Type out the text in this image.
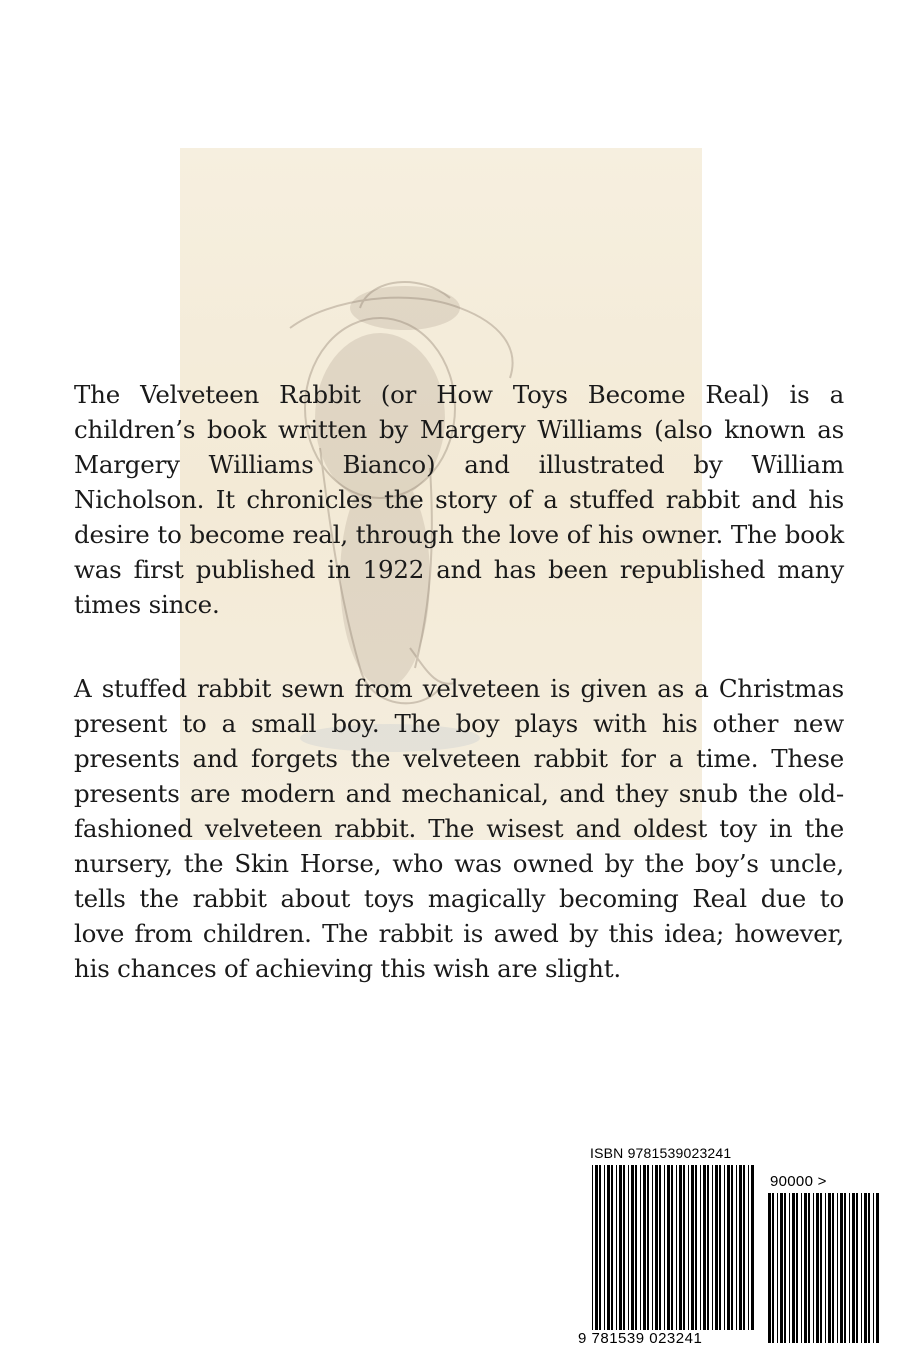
The Velveteen Rabbit (or How Toys Become Real) is a children’s book written by Margery Williams (also known as Margery Williams Bianco) and illustrated by William Nicholson. It chronicles the story of a stuffed rabbit and his desire to become real, through the love of his owner. The book was first published in 1922 and has been republished many times since.

A stuffed rabbit sewn from velveteen is given as a Christmas present to a small boy. The boy plays with his other new presents and forgets the velveteen rabbit for a time. These presents are modern and mechanical, and they snub the old-fashioned velveteen rabbit. The wisest and oldest toy in the nursery, the Skin Horse, who was owned by the boy’s uncle, tells the rabbit about toys magically becoming Real due to love from children. The rabbit is awed by this idea; however, his chances of achieving this wish are slight.

ISBN 9781539023241
90000 >
9 781539 023241
